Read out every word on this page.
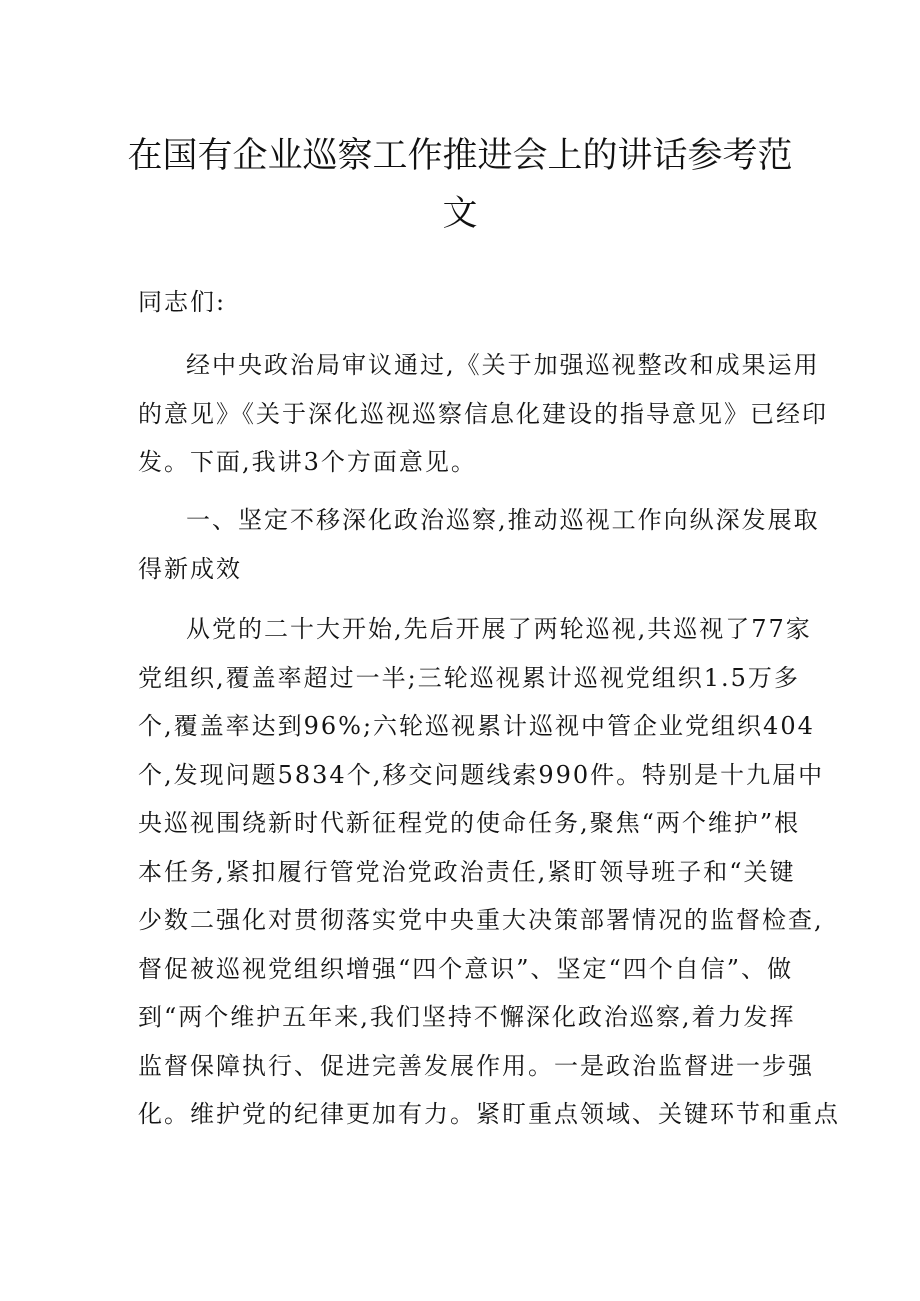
在国有企业巡察工作推进会上的讲话参考范
文

同志们:

经中央政治局审议通过,《关于加强巡视整改和成果运用
的意见》《关于深化巡视巡察信息化建设的指导意见》已经印
发。下面,我讲3个方面意见。

一、坚定不移深化政治巡察,推动巡视工作向纵深发展取
得新成效

从党的二十大开始,先后开展了两轮巡视,共巡视了77家
党组织,覆盖率超过一半;三轮巡视累计巡视党组织1.5万多
个,覆盖率达到96%;六轮巡视累计巡视中管企业党组织404
个,发现问题5834个,移交问题线索990件。特别是十九届中
央巡视围绕新时代新征程党的使命任务,聚焦“两个维护”根
本任务,紧扣履行管党治党政治责任,紧盯领导班子和“关键
少数二强化对贯彻落实党中央重大决策部署情况的监督检查,
督促被巡视党组织增强“四个意识”、坚定“四个自信”、做
到“两个维护五年来,我们坚持不懈深化政治巡察,着力发挥
监督保障执行、促进完善发展作用。一是政治监督进一步强
化。维护党的纪律更加有力。紧盯重点领域、关键环节和重点
